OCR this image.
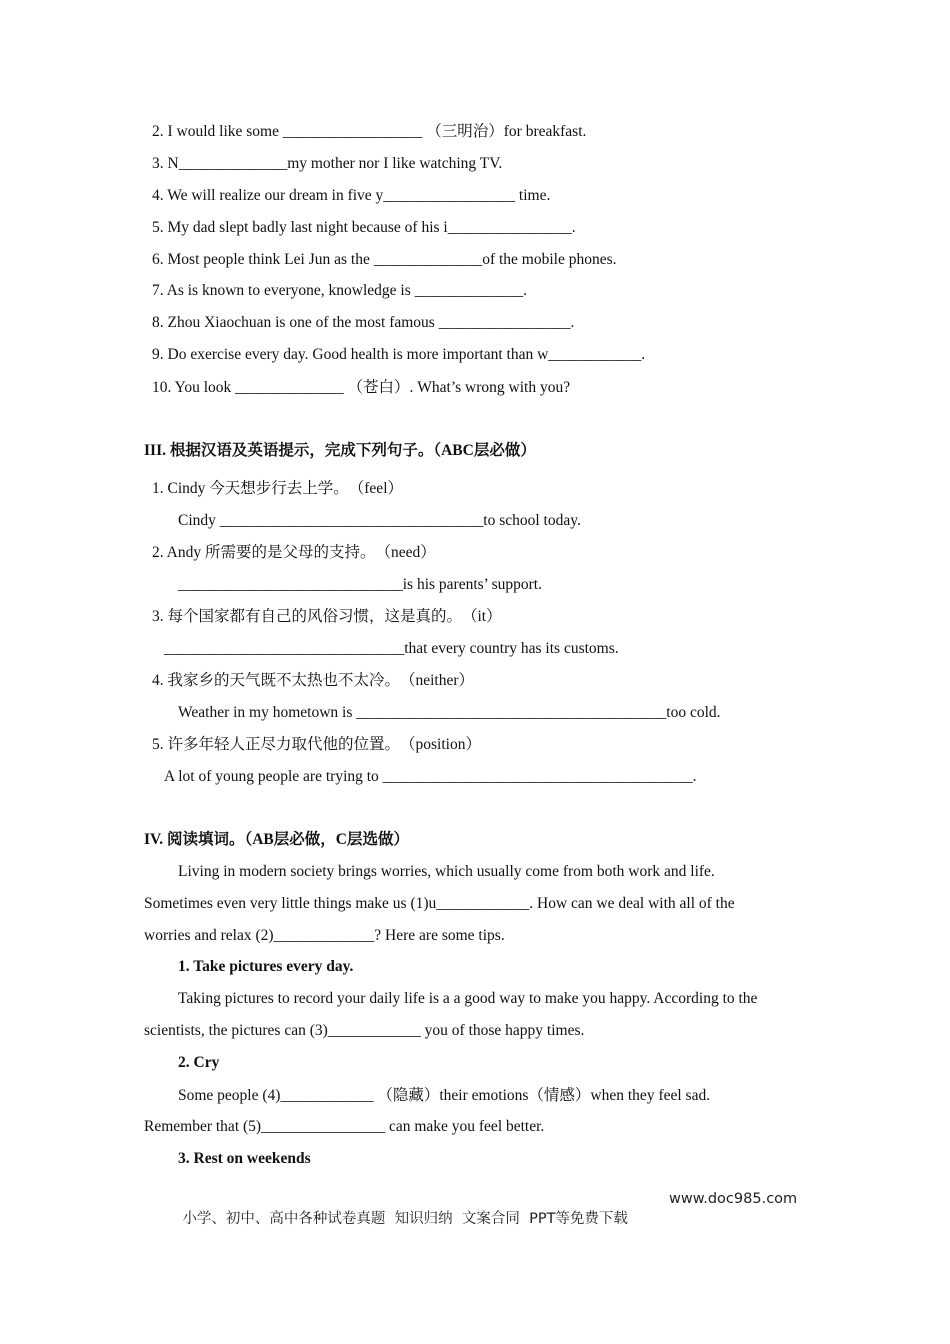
2. I would like some __________________ （三明治）for breakfast.
3. N______________my mother nor I like watching TV.
4. We will realize our dream in five y_________________ time.
5. My dad slept badly last night because of his i________________.
6. Most people think Lei Jun as the ______________of the mobile phones.
7. As is known to everyone, knowledge is ______________.
8. Zhou Xiaochuan is one of the most famous _________________.
9. Do exercise every day. Good health is more important than w____________.
10. You look ______________ （苍白）. What’s wrong with you?
III. 根据汉语及英语提示，完成下列句子。（ABC层必做）
1. Cindy 今天想步行去上学。　（feel）
Cindy __________________________________to school today.
2. Andy 所需要的是父母的支持。　（need）
_____________________________is his parents’ support.
3. 每个国家都有自己的风俗习惯，这是真的。　（it）
_______________________________that every country has its customs.
4. 我家乡的天气既不太热也不太冷。　（neither）
Weather in my hometown is ________________________________________too cold.
5. 许多年轻人正尽力取代他的位置。　（position）
A lot of young people are trying to ________________________________________.
IV. 阅读填词。（AB层必做，C层选做）
Living in modern society brings worries, which usually come from both work and life.
Sometimes even very little things make us (1)u____________. How can we deal with all of the
worries and relax (2)_____________? Here are some tips.
1. Take pictures every day.
Taking pictures to record your daily life is a a good way to make you happy. According to the
scientists, the pictures can (3)____________ you of those happy times.
2. Cry
Some people (4)____________ （隐藏）their emotions（情感）when they feel sad.
Remember that (5)________________ can make you feel better.
3. Rest on weekends

小学、初中、高中各种试卷真题  知识归纳  文案合同  PPT等免费下载

www.doc985.com
